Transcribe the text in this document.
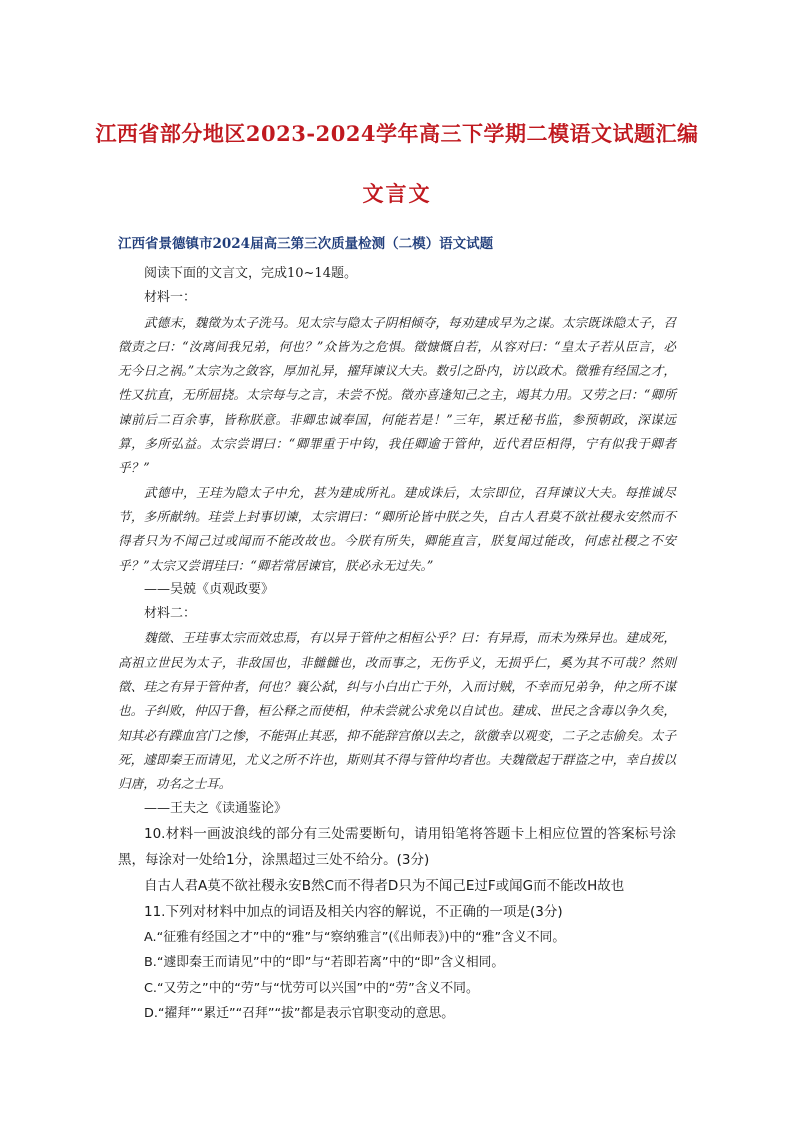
江西省部分地区2023-2024学年高三下学期二模语文试题汇编
文言文
江西省景德镇市2024届高三第三次质量检测（二模）语文试题

阅读下面的文言文，完成10~14题。

材料一：

武德末，魏徵为太子洗马。见太宗与隐太子阴相倾夺，每劝建成早为之谋。太宗既诛隐太子，召徵责之曰：“汝离间我兄弟，何也？”众皆为之危惧。徵慷慨自若，从容对曰：“皇太子若从臣言，必无今日之祸。”太宗为之敛容，厚加礼异，擢拜谏议大夫。数引之卧内，访以政术。徵雅有经国之才，性又抗直，无所屈挠。太宗每与之言，未尝不悦。徵亦喜逢知己之主，竭其力用。又劳之曰：“卿所谏前后二百余事，皆称朕意。非卿忠诚奉国，何能若是！”三年，累迁秘书监，参预朝政，深谋远算，多所弘益。太宗尝谓曰：“卿罪重于中钩，我任卿逾于管仲，近代君臣相得，宁有似我于卿者乎？”

武德中，王珪为隐太子中允，甚为建成所礼。建成诛后，太宗即位，召拜谏议大夫。每推诚尽节，多所献纳。珪尝上封事切谏，太宗谓曰：“卿所论皆中朕之失，自古人君莫不欲社稷永安然而不得者只为不闻己过或闻而不能改故也。今朕有所失，卿能直言，朕复闻过能改，何虑社稷之不安乎？”太宗又尝谓珪曰：“卿若常居谏官，朕必永无过失。”

——吴兢《贞观政要》

材料二：

魏徵、王珪事太宗而效忠焉，有以异于管仲之相桓公乎？曰：有异焉，而未为殊异也。建成死，高祖立世民为太子，非敌国也，非雠雠也，改而事之，无伤乎义，无损乎仁，奚为其不可哉？然则徵、珪之有异于管仲者，何也？襄公弑，纠与小白出亡于外，入而讨贼，不幸而兄弟争，仲之所不谋也。子纠败，仲囚于鲁，桓公释之而使相，仲未尝就公求免以自试也。建成、世民之含毒以争久矣，知其必有蹀血宫门之惨，不能弭止其恶，抑不能辞宫僚以去之，欲徼幸以观变，二子之志偷矣。太子死，遽即秦王而请见，尤义之所不许也，斯则其不得与管仲均者也。夫魏徵起于群盗之中，幸自拔以归唐，功名之士耳。

——王夫之《读通鉴论》

10.材料一画波浪线的部分有三处需要断句，请用铅笔将答题卡上相应位置的答案标号涂黑，每涂对一处给1分，涂黑超过三处不给分。(3分)

自古人君A莫不欲社稷永安B然C而不得者D只为不闻己E过F或闻G而不能改H故也

11.下列对材料中加点的词语及相关内容的解说，不正确的一项是(3分)

A.“征雅有经国之才”中的“雅”与“察纳雅言”(《出师表》)中的“雅”含义不同。

B.“遽即秦王而请见”中的“即”与“若即若离”中的“即”含义相同。

C.“又劳之”中的“劳”与“忧劳可以兴国”中的“劳”含义不同。

D.“擢拜”“累迁”“召拜”“拔”都是表示官职变动的意思。
